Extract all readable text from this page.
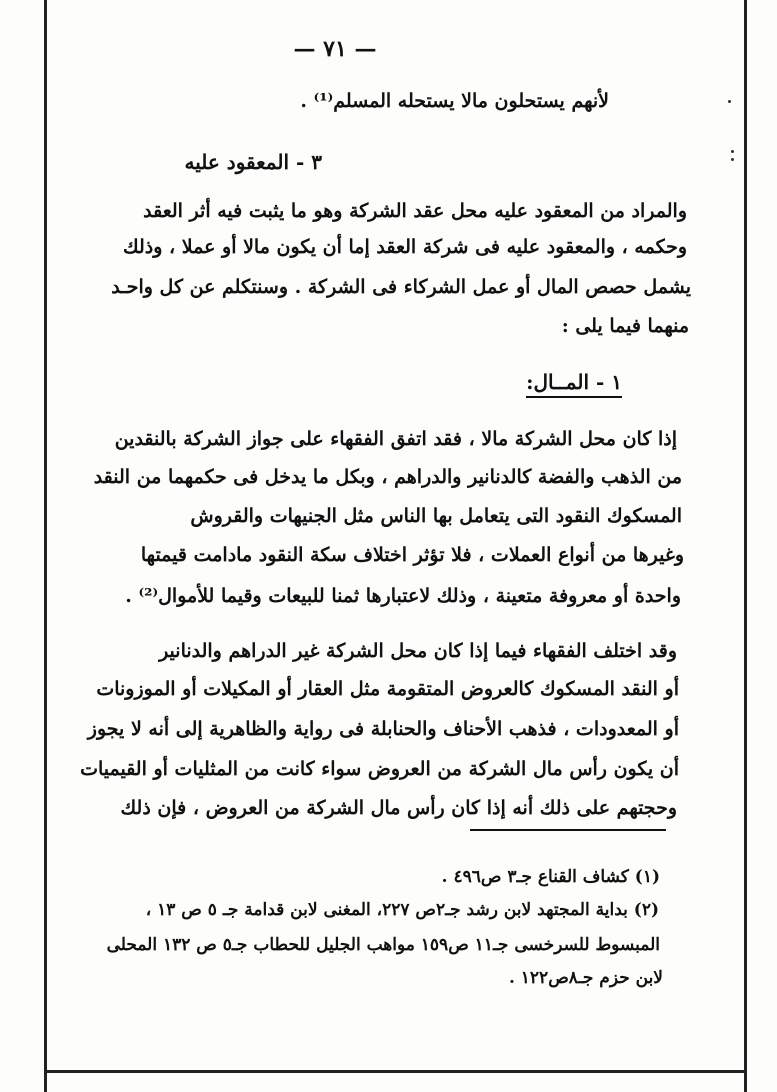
— ٧١ —
لأنهم يستحلون مالا يستحله المسلم⁽¹⁾ .
٣ - المعقود عليه
والمراد من المعقود عليه محل عقد الشركة وهو ما يثبت فيه أثر العقد
وحكمه ، والمعقود عليه فى شركة العقد إما أن يكون مالا أو عملا ، وذلك
يشمل حصص المال أو عمل الشركاء فى الشركة . وسنتكلم عن كل واحـد
منهما فيما يلى :
١ - المــال:
إذا كان محل الشركة مالا ، فقد اتفق الفقهاء على جواز الشركة بالنقدين
من الذهب والفضة كالدنانير والدراهم ، وبكل ما يدخل فى حكمهما من النقد
المسكوك النقود التى يتعامل بها الناس مثل الجنيهات والقروش
وغيرها من أنواع العملات ، فلا تؤثر اختلاف سكة النقود مادامت قيمتها
واحدة أو معروفة متعينة ، وذلك لاعتبارها ثمنا للبيعات وقيما للأموال⁽²⁾ .
وقد اختلف الفقهاء فيما إذا كان محل الشركة غير الدراهم والدنانير
أو النقد المسكوك كالعروض المتقومة مثل العقار أو المكيلات أو الموزونات
أو المعدودات ، فذهب الأحناف والحنابلة فى رواية والظاهرية إلى أنه لا يجوز
أن يكون رأس مال الشركة من العروض سواء كانت من المثليات أو القيميات
وحجتهم على ذلك أنه إذا كان رأس مال الشركة من العروض ، فإن ذلك
(١) كشاف القناع جـ٣ ص٤٩٦ .
(٢) بداية المجتهد لابن رشد جـ٢ص ٢٢٧، المغنى لابن قدامة جـ ٥ ص ١٣ ،
المبسوط للسرخسى جـ١١ ص١٥٩ مواهب الجليل للحطاب جـ٥ ص ١٣٢ المحلى
لابن حزم جـ٨ص١٢٢ .
